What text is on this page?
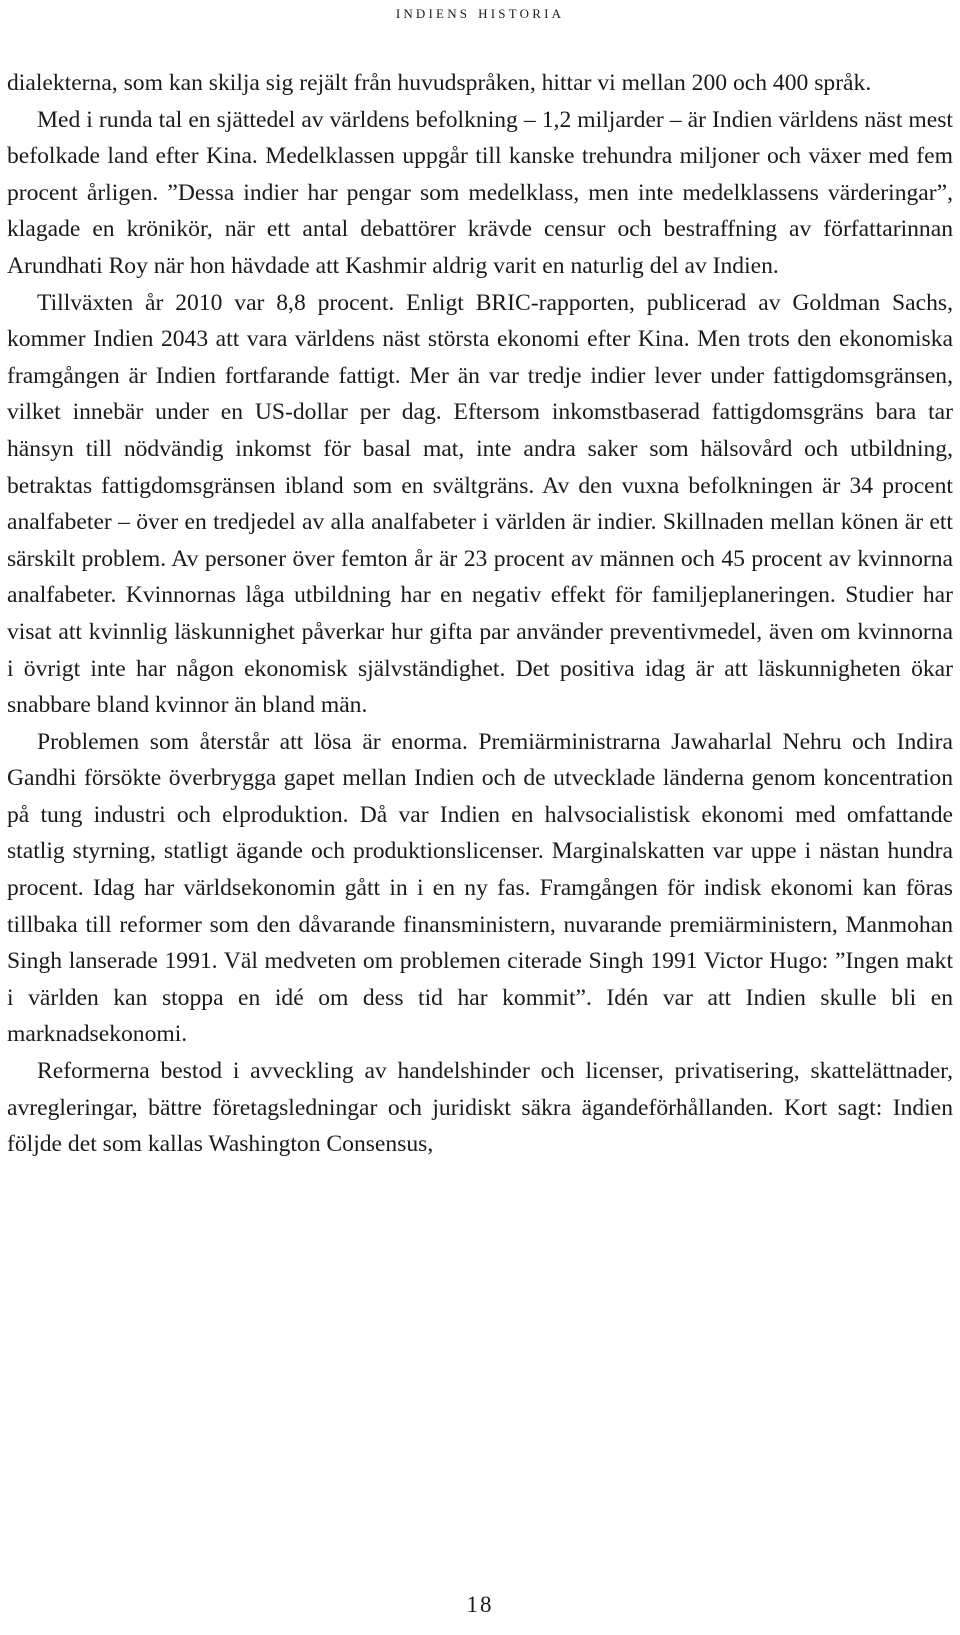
indiens historia

dialekterna, som kan skilja sig rejält från huvudspråken, hittar vi mellan 200 och 400 språk.

Med i runda tal en sjättedel av världens befolkning – 1,2 miljarder – är Indien världens näst mest befolkade land efter Kina. Medelklassen uppgår till kanske trehundra miljoner och växer med fem procent årligen. ”Dessa indier har pengar som medelklass, men inte medelklassens värderingar”, klagade en krönikör, när ett antal debattörer krävde censur och bestraffning av författarinnan Arundhati Roy när hon hävdade att Kashmir aldrig varit en naturlig del av Indien.

Tillväxten år 2010 var 8,8 procent. Enligt BRIC-rapporten, publicerad av Goldman Sachs, kommer Indien 2043 att vara världens näst största ekonomi efter Kina. Men trots den ekonomiska framgången är Indien fortfarande fattigt. Mer än var tredje indier lever under fattigdomsgränsen, vilket innebär under en US-dollar per dag. Eftersom inkomstbaserad fattigdomsgräns bara tar hänsyn till nödvändig inkomst för basal mat, inte andra saker som hälsovård och utbildning, betraktas fattigdomsgränsen ibland som en svältgräns. Av den vuxna befolkningen är 34 procent analfabeter – över en tredjedel av alla analfabeter i världen är indier. Skillnaden mellan könen är ett särskilt problem. Av personer över femton år är 23 procent av männen och 45 procent av kvinnorna analfabeter. Kvinnornas låga utbildning har en negativ effekt för familjeplaneringen. Studier har visat att kvinnlig läskunnighet påverkar hur gifta par använder preventivmedel, även om kvinnorna i övrigt inte har någon ekonomisk självständighet. Det positiva idag är att läskunnigheten ökar snabbare bland kvinnor än bland män.

Problemen som återstår att lösa är enorma. Premiärministrarna Jawaharlal Nehru och Indira Gandhi försökte överbrygga gapet mellan Indien och de utvecklade länderna genom koncentration på tung industri och elproduktion. Då var Indien en halvsocialistisk ekonomi med omfattande statlig styrning, statligt ägande och produktionslicenser. Marginalskatten var uppe i nästan hundra procent. Idag har världsekonomin gått in i en ny fas. Framgången för indisk ekonomi kan föras tillbaka till reformer som den dåvarande finansministern, nuvarande premiärministern, Manmohan Singh lanserade 1991. Väl medveten om problemen citerade Singh 1991 Victor Hugo: ”Ingen makt i världen kan stoppa en idé om dess tid har kommit”. Idén var att Indien skulle bli en marknadsekonomi.

Reformerna bestod i avveckling av handelshinder och licenser, privatisering, skattelättnader, avregleringar, bättre företagsledningar och juridiskt säkra ägandeförhållanden. Kort sagt: Indien följde det som kallas Washington Consensus,

18
